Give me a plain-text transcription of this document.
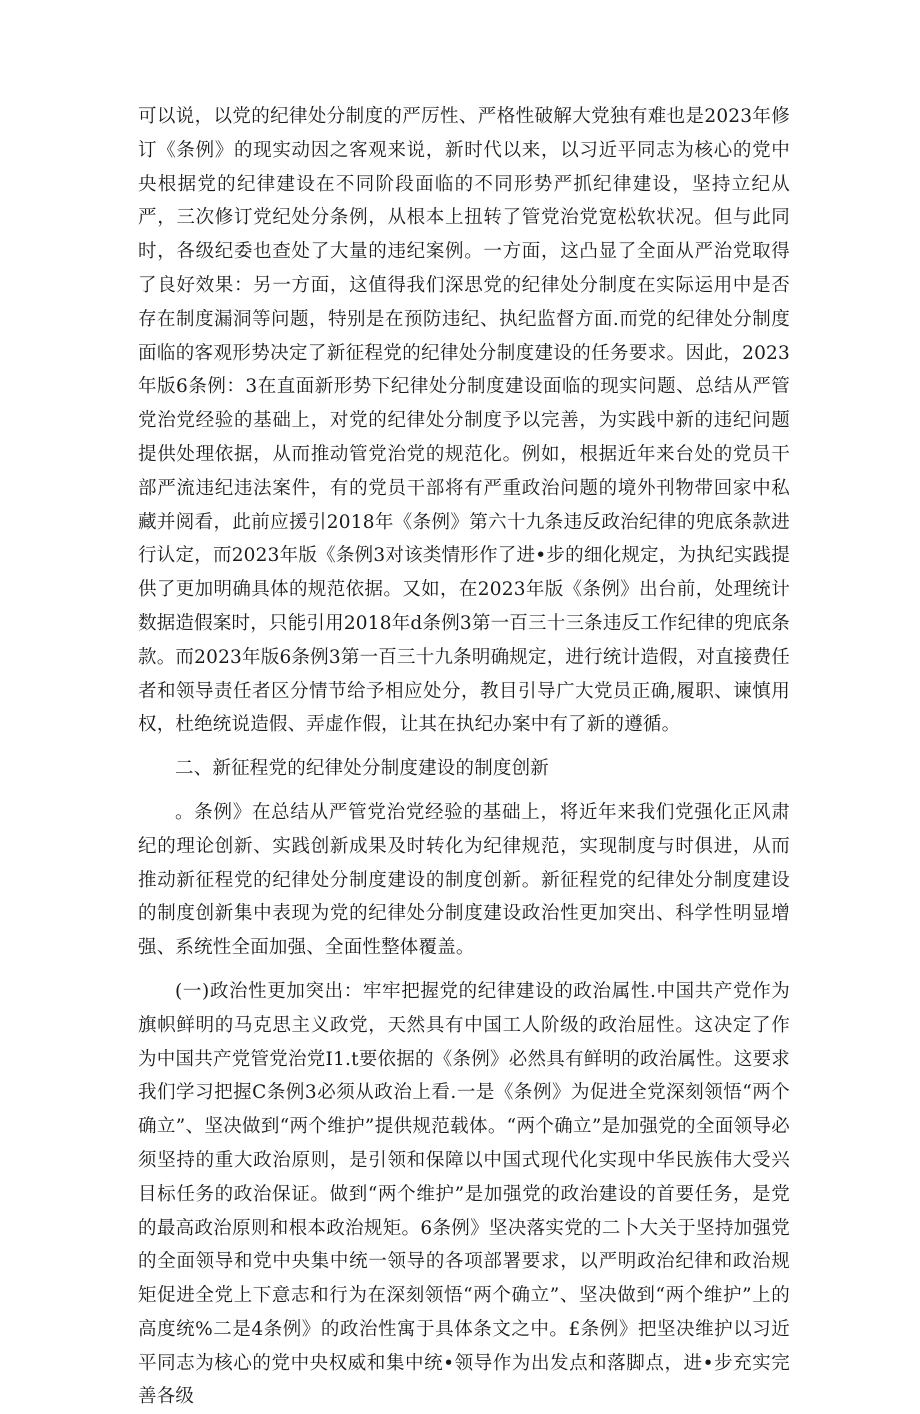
可以说，以党的纪律处分制度的严厉性、严格性破解大党独有难也是2023年修订《条例》的现实动因之客观来说，新时代以来，以习近平同志为核心的党中央根据党的纪律建设在不同阶段面临的不同形势严抓纪律建设，坚持立纪从严，三次修订党纪处分条例，从根本上扭转了管党治党宽松软状况。但与此同时，各级纪委也查处了大量的违纪案例。一方面，这凸显了全面从严治党取得了良好效果：另一方面，这值得我们深思党的纪律处分制度在实际运用中是否存在制度漏洞等问题，特别是在预防违纪、执纪监督方面.而党的纪律处分制度面临的客观形势决定了新征程党的纪律处分制度建设的任务要求。因此，2023年版6条例：3在直面新形势下纪律处分制度建设面临的现实问题、总结从严管党治党经验的基础上，对党的纪律处分制度予以完善，为实践中新的违纪问题提供处理依据，从而推动管党治党的规范化。例如，根据近年来台处的党员干部严流违纪违法案件，有的党员干部将有严重政治问题的境外刊物带回家中私藏并阅看，此前应援引2018年《条例》第六十九条违反政治纪律的兜底条款进行认定，而2023年版《条例3对该类情形作了进•步的细化规定，为执纪实践提供了更加明确具体的规范依据。又如，在2023年版《条例》出台前，处理统计数据造假案时，只能引用2018年d条例3第一百三十三条违反工作纪律的兜底条款。而2023年版6条例3第一百三十九条明确规定，进行统计造假，对直接费任者和领导责任者区分情节给予相应处分，教目引导广大党员正确,履职、谏慎用权，杜绝统说造假、弄虚作假，让其在执纪办案中有了新的遵循。

二、新征程党的纪律处分制度建设的制度创新

。条例》在总结从严管党治党经验的基础上，将近年来我们党强化正风肃纪的理论创新、实践创新成果及时转化为纪律规范，实现制度与时俱进，从而推动新征程党的纪律处分制度建设的制度创新。新征程党的纪律处分制度建设的制度创新集中表现为党的纪律处分制度建设政治性更加突出、科学性明显增强、系统性全面加强、全面性整体覆盖。

(一)政治性更加突出：牢牢把握党的纪律建设的政治属性.中国共产党作为旗帜鲜明的马克思主义政党，天然具有中国工人阶级的政治屈性。这决定了作为中国共产党管党治党I1.t要依据的《条例》必然具有鲜明的政治属性。这要求我们学习把握C条例3必须从政治上看.一是《条例》为促进全党深刻领悟“两个确立”、坚决做到“两个维护”提供规范载体。“两个确立”是加强党的全面领导必须坚持的重大政治原则，是引领和保障以中国式现代化实现中华民族伟大受兴目标任务的政治保证。做到“两个维护”是加强党的政治建设的首要任务，是党的最高政治原则和根本政治规矩。6条例》坚决落实党的二卜大关于坚持加强党的全面领导和党中央集中统一领导的各项部署要求，以严明政治纪律和政治规矩促进全党上下意志和行为在深刻领悟“两个确立”、坚决做到“两个维护”上的高度统%二是4条例》的政治性寓于具体条文之中。£条例》把坚决维护以习近平同志为核心的党中央权威和集中统•领导作为出发点和落脚点，进•步充实完善各级
